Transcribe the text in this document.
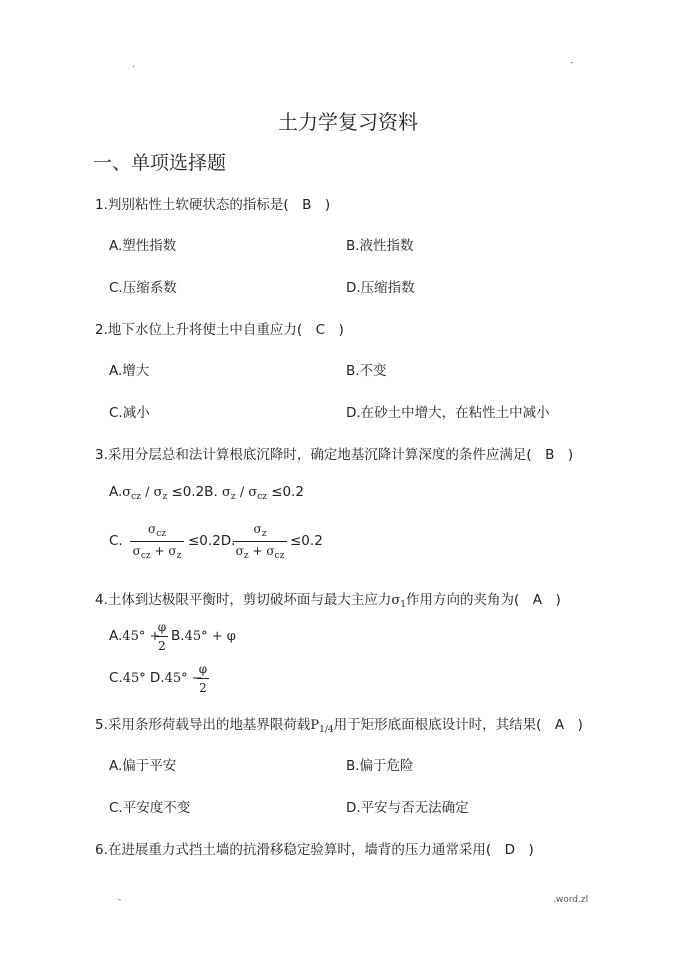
.	-
土力学复习资料
一、单项选择题
1.判别粘性土软硬状态的指标是(　B　)
A.塑性指数	B.液性指数
C.压缩系数	D.压缩指数
2.地下水位上升将使土中自重应力(　C　)
A.增大	B.不变
C.减小	D.在砂土中增大，在粘性土中减小
3.采用分层总和法计算根底沉降时，确定地基沉降计算深度的条件应满足(　B　)
$A.\sigma_{cz} / \sigma_z \le 0.2B$. $\sigma_z / \sigma_{cz} \le 0.2$
C.
$\sigma_{cz}$
$\sigma_{cz} + \sigma_z$
≤0.2D.
$\sigma_z$
$\sigma_z + \sigma_{cz}$
≤0.2
4.土体到达极限平衡时，剪切破坏面与最大主应力$\sigma_1$作用方向的夹角为(　A　)
A.45° +
φ
2
B.45° + φ
C.45° D.45° −
φ
2
5.采用条形荷载导出的地基界限荷载$P_{1/4}$用于矩形底面根底设计时，其结果(　A　)
A.偏于平安	B.偏于危险
C.平安度不变	D.平安与否无法确定
6.在进展重力式挡土墙的抗滑移稳定验算时，墙背的压力通常采用(　D　)
-	.word.zl
